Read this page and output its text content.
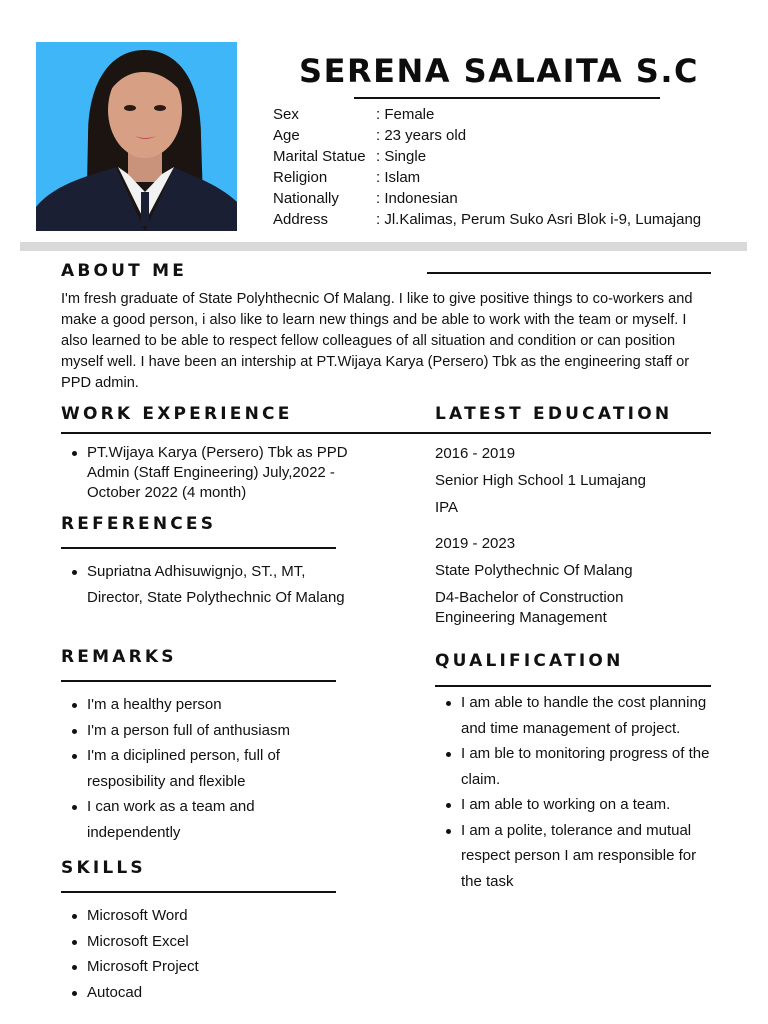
SERENA SALAITA S.C
Sex	: Female
Age	: 23 years old
Marital Statue : Single
Religion	: Islam
Nationally	: Indonesian
Address	: Jl.Kalimas, Perum Suko Asri Blok i-9, Lumajang
ABOUT ME
I'm fresh graduate of State Polyhthecnic Of Malang. I like to give positive things to co-workers and make a good person, i also like to learn new things and be able to work with the team or myself. I also learned to be able to respect fellow colleagues of all situation and condition or can position myself well. I have been an intership at PT.Wijaya Karya (Persero) Tbk as the engineering staff or PPD admin.
WORK EXPERIENCE
PT.Wijaya Karya (Persero) Tbk as PPD Admin (Staff Engineering) July,2022 - October 2022 (4 month)
REFERENCES
Supriatna Adhisuwignjo, ST., MT, Director, State Polythechnic Of Malang
REMARKS
I'm a healthy person
I'm a person full of anthusiasm
I'm a diciplined person, full of resposibility and flexible
I can work as a team and independently
SKILLS
Microsoft Word
Microsoft Excel
Microsoft Project
Autocad
LATEST EDUCATION
2016 - 2019
Senior High School 1 Lumajang
IPA
2019 - 2023
State Polythechnic Of Malang
D4-Bachelor of Construction
Engineering Management
QUALIFICATION
I am able to handle the cost planning and time management of project.
I am ble to monitoring progress of the claim.
I am able to working on a team.
I am a polite, tolerance and mutual respect person I am responsible for the task
